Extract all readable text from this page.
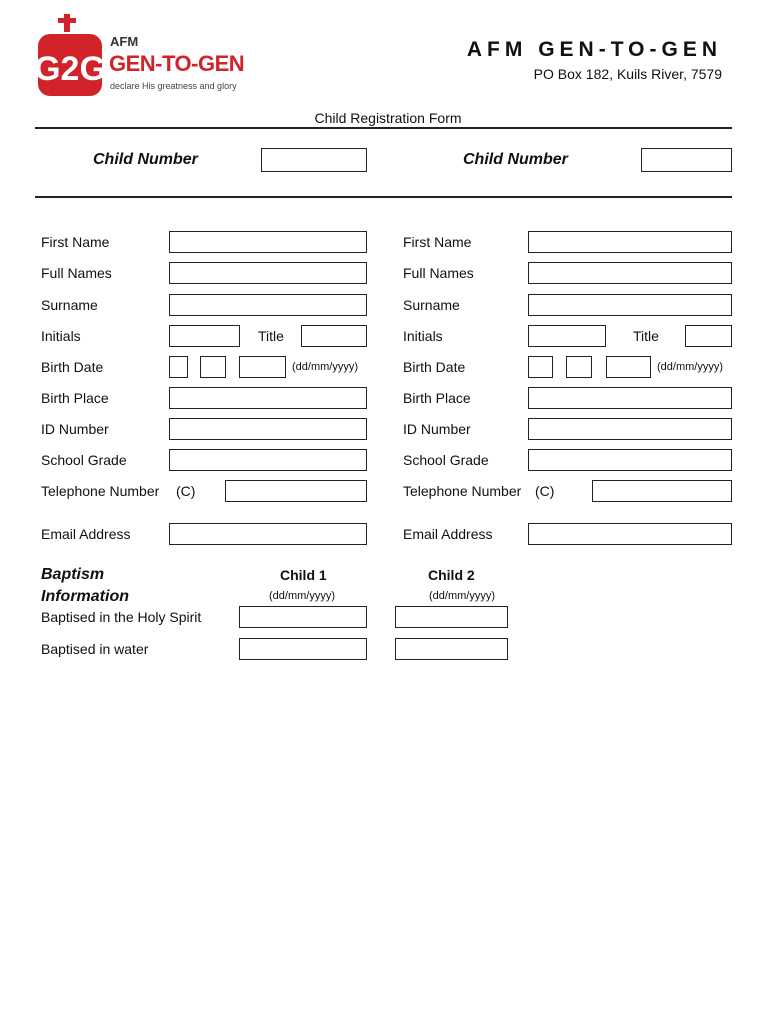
G2G
AFM
GEN-TO-GEN
declare His greatness and glory
AFM GEN-TO-GEN
PO Box 182, Kuils River, 7579
Child Registration Form
Child Number	Child Number
First Name
Full Names
Surname
Initials	Title
Birth Date	(dd/mm/yyyy)
Birth Place
ID Number
School Grade
Telephone Number (C)
Email Address
First Name
Full Names
Surname
Initials	Title
Birth Date	(dd/mm/yyyy)
Birth Place
ID Number
School Grade
Telephone Number (C)
Email Address
Baptism
Information
Child 1
(dd/mm/yyyy)
Child 2
(dd/mm/yyyy)
Baptised in the Holy Spirit
Baptised in water
